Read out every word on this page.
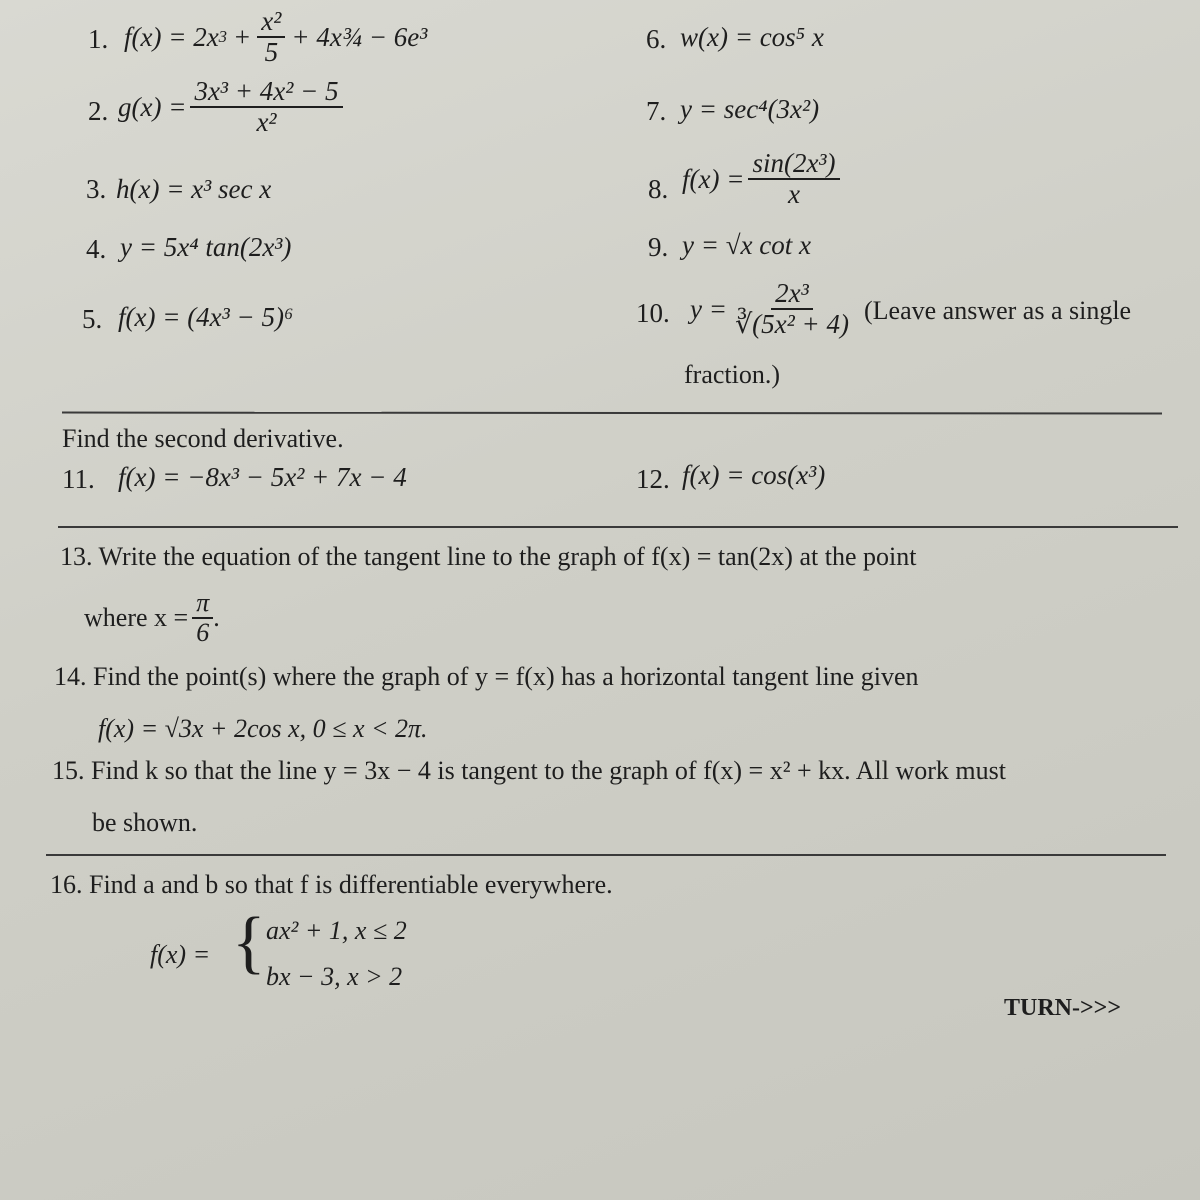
1. f(x) = 2x $3 + \frac{\text{x²}}{5}$ + 4x¾ − 6e³
2. $g(x) = \frac{\text{3x³ + 4x² − 5}}{\text{x²}}$
3. h(x) = x³ sec x
4. y = 5x⁴ tan(2x³)
5. f(x) = (4x³ − 5)⁶
6. w(x) = cos⁵ x
7. y = sec⁴(3x²)
8. $f(x) = \frac{\text{sin(2x³)}}{x}$
9. y = √x cot x
10. $y = \frac{\text{2x³}}{\text{∛(5x² + 4)}}$ (Leave answer as a single
fraction.)
Find the second derivative.
11. f(x) = −8x³ − 5x² + 7x − 4	12. f(x) = cos(x³)
13. Write the equation of the tangent line to the graph of f(x) = tan(2x) at the point
where $x = \frac{\pi}{6}$ .
14. Find the point(s) where the graph of y = f(x) has a horizontal tangent line given
f(x) = √3x + 2cos x, 0 ≤ x < 2π.
15. Find k so that the line y = 3x − 4 is tangent to the graph of f(x) = x² + kx. All work must
be shown.
16. Find a and b so that f is differentiable everywhere.
f(x) = { ax² + 1, x ≤ 2
bx − 3, x > 2
TURN->>>
